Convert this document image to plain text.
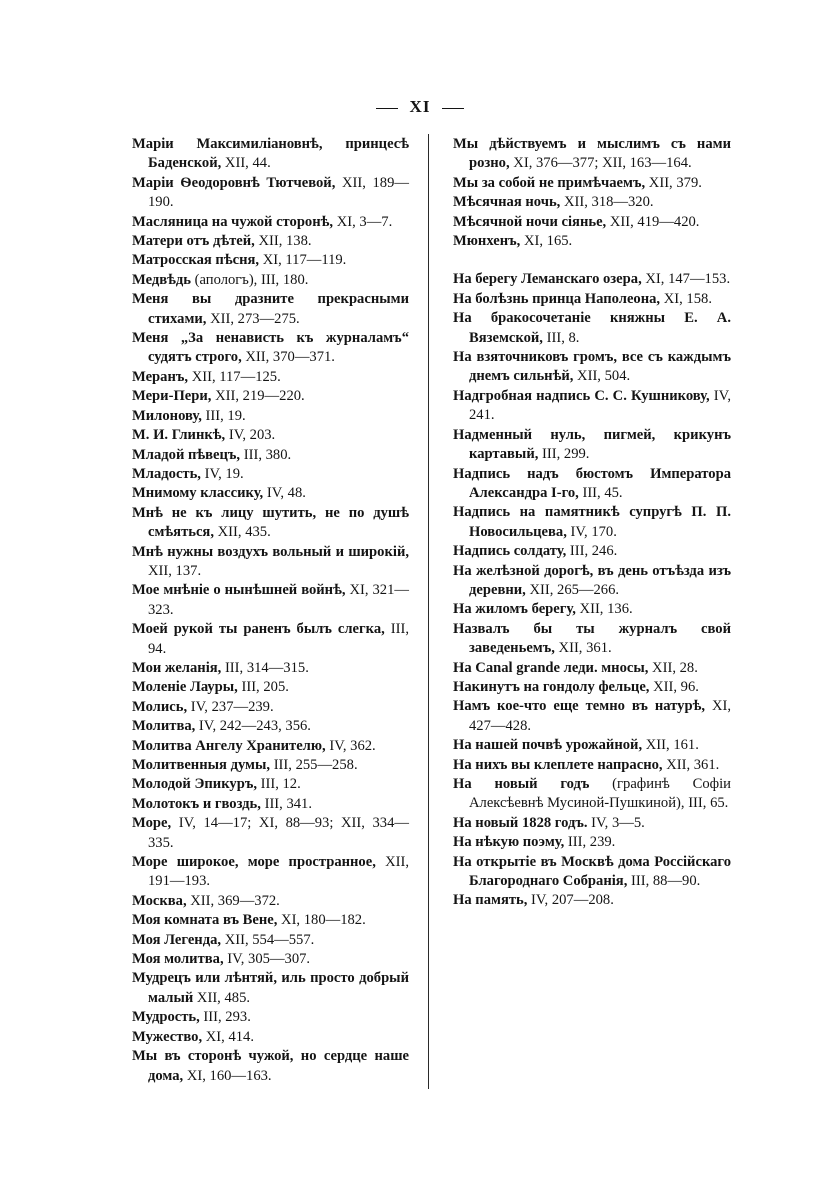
XI
Марiи Максимилiановнѣ, принцесѣ Баденской, XII, 44.
Марiи Ѳеодоровнѣ Тютчевой, XII, 189—190.
Масляница на чужой сторонѣ, XI, 3—7.
Матери отъ дѣтей, XII, 138.
Матросская пѣсня, XI, 117—119.
Медвѣдь (апологъ), III, 180.
Меня вы дразните прекрасными стихами, XII, 273—275.
Меня „За ненависть къ журналамъ“ судятъ строго, XII, 370—371.
Меранъ, XII, 117—125.
Мери-Пери, XII, 219—220.
Милонову, III, 19.
М. И. Глинкѣ, IV, 203.
Младой пѣвецъ, III, 380.
Младость, IV, 19.
Мнимому классику, IV, 48.
Мнѣ не къ лицу шутить, не по душѣ смѣяться, XII, 435.
Мнѣ нужны воздухъ вольный и широкiй, XII, 137.
Мое мнѣнiе о нынѣшней войнѣ, XI, 321—323.
Моей рукой ты раненъ былъ слегка, III, 94.
Мои желанiя, III, 314—315.
Моленiе Лауры, III, 205.
Молись, IV, 237—239.
Молитва, IV, 242—243, 356.
Молитва Ангелу Хранителю, IV, 362.
Молитвенныя думы, III, 255—258.
Молодой Эпикуръ, III, 12.
Молотокъ и гвоздь, III, 341.
Море, IV, 14—17; XI, 88—93; XII, 334—335.
Море широкое, море пространное, XII, 191—193.
Москва, XII, 369—372.
Моя комната въ Вене, XI, 180—182.
Моя Легенда, XII, 554—557.
Моя молитва, IV, 305—307.
Мудрецъ или лѣнтяй, иль просто добрый малый XII, 485.
Мудрость, III, 293.
Мужество, XI, 414.
Мы въ сторонѣ чужой, но сердце наше дома, XI, 160—163.
Мы дѣйствуемъ и мыслимъ съ нами розно, XI, 376—377; XII, 163—164.
Мы за собой не примѣчаемъ, XII, 379.
Мѣсячная ночь, XII, 318—320.
Мѣсячной ночи сiянье, XII, 419—420.
Мюнхенъ, XI, 165.
На берегу Леманскаго озера, XI, 147—153.
На болѣзнь принца Наполеона, XI, 158.
На бракосочетанiе княжны Е. А. Вяземской, III, 8.
На взяточниковъ громъ, все съ каждымъ днемъ сильнѣй, XII, 504.
Надгробная надпись С. С. Кушникову, IV, 241.
Надменный нуль, пигмей, крикунъ картавый, III, 299.
Надпись надъ бюстомъ Императора Александра I-го, III, 45.
Надпись на памятникѣ супругѣ П. П. Новосильцева, IV, 170.
Надпись солдату, III, 246.
На желѣзной дорогѣ, въ день отъѣзда изъ деревни, XII, 265—266.
На жиломъ берегу, XII, 136.
Назвалъ бы ты журналъ свой заведеньемъ, XII, 361.
На Canal grande леди. мноcы, XII, 28.
Накинутъ на гондолу фельце, XII, 96.
Намъ кое-что еще темно въ натурѣ, XI, 427—428.
На нашей почвѣ урожайной, XII, 161.
На нихъ вы клеплете напрасно, XII, 361.
На новый годъ (графинѣ Софiи Алексѣевнѣ Мусиной-Пушкиной), III, 65.
На новый 1828 годъ. IV, 3—5.
На нѣкую поэму, III, 239.
На открытiе въ Москвѣ дома Россiйскаго Благороднаго Собранiя, III, 88—90.
На память, IV, 207—208.
